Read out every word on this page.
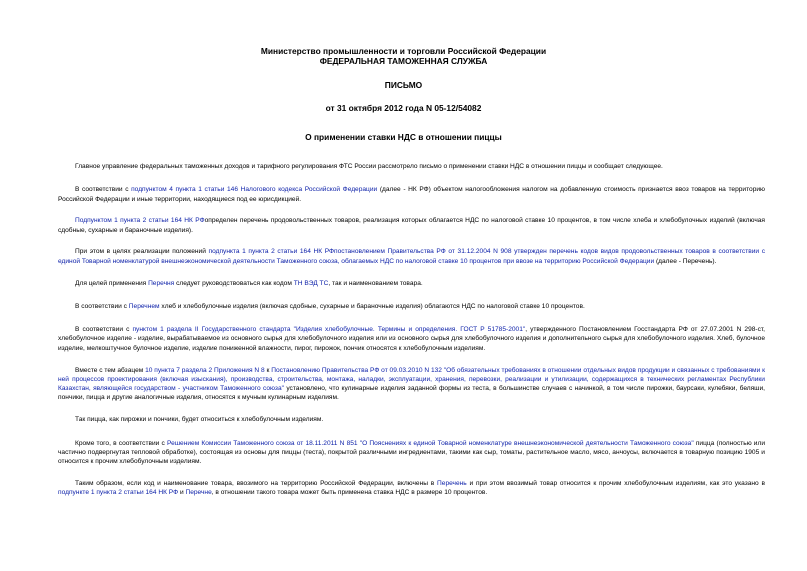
Министерство промышленности и торговли Российской Федерации
ФЕДЕРАЛЬНАЯ ТАМОЖЕННАЯ СЛУЖБА
ПИСЬМО
от 31 октября 2012 года N 05-12/54082
О применении ставки НДС в отношении пиццы

Главное управление федеральных таможенных доходов и тарифного регулирования ФТС России рассмотрело письмо о применении ставки НДС в отношении пиццы и сообщает следующее.

В соответствии с подпунктом 4 пункта 1 статьи 146 Налогового кодекса Российской Федерации (далее - НК РФ) объектом налогообложения налогом на добавленную стоимость признается ввоз товаров на территорию Российской Федерации и иные территории, находящиеся под ее юрисдикцией.

Подпунктом 1 пункта 2 статьи 164 НК РФопределен перечень продовольственных товаров, реализация которых облагается НДС по налоговой ставке 10 процентов, в том числе хлеба и хлебобулочных изделий (включая сдобные, сухарные и бараночные изделия).

При этом в целях реализации положений подпункта 1 пункта 2 статьи 164 НК РФпостановлением Правительства РФ от 31.12.2004 N 908 утвержден перечень кодов видов продовольственных товаров в соответствии с единой Товарной номенклатурой внешнеэкономической деятельности Таможенного союза, облагаемых НДС по налоговой ставке 10 процентов при ввозе на территорию Российской Федерации (далее - Перечень).

Для целей применения Перечня следует руководствоваться как кодом ТН ВЭД ТС, так и наименованием товара.

В соответствии с Перечнем хлеб и хлебобулочные изделия (включая сдобные, сухарные и бараночные изделия) облагаются НДС по налоговой ставке 10 процентов.

В соответствии с пунктом 1 раздела II Государственного стандарта "Изделия хлебобулочные. Термины и определения. ГОСТ Р 51785-2001", утвержденного Постановлением Госстандарта РФ от 27.07.2001 N 298-ст, хлебобулочное изделие - изделие, вырабатываемое из основного сырья для хлебобулочного изделия или из основного сырья для хлебобулочного изделия и дополнительного сырья для хлебобулочного изделия. Хлеб, булочное изделие, мелкоштучное булочное изделие, изделие пониженной влажности, пирог, пирожок, пончик относятся к хлебобулочным изделиям.

Вместе с тем абзацем 10 пункта 7 раздела 2 Приложения N 8 к Постановлению Правительства РФ от 09.03.2010 N 132 "Об обязательных требованиях в отношении отдельных видов продукции и связанных с требованиями к ней процессов проектирования (включая изыскания), производства, строительства, монтажа, наладки, эксплуатации, хранения, перевозки, реализации и утилизации, содержащихся в технических регламентах Республики Казахстан, являющейся государством - участником Таможенного союза" установлено, что кулинарные изделия заданной формы из теста, в большинстве случаев с начинкой, в том числе пирожки, баурсаки, кулебяки, беляши, пончики, пицца и другие аналогичные изделия, относятся к мучным кулинарным изделиям.

Так пицца, как пирожки и пончики, будет относиться к хлебобулочным изделиям.

Кроме того, в соответствии с Решением Комиссии Таможенного союза от 18.11.2011 N 851 "О Пояснениях к единой Товарной номенклатуре внешнеэкономической деятельности Таможенного союза" пицца (полностью или частично подвергнутая тепловой обработке), состоящая из основы для пиццы (теста), покрытой различными ингредиентами, такими как сыр, томаты, растительное масло, мясо, анчоусы, включается в товарную позицию 1905 и относится к прочим хлебобулочным изделиям.

Таким образом, если код и наименование товара, ввозимого на территорию Российской Федерации, включены в Перечень и при этом ввозимый товар относится к прочим хлебобулочным изделиям, как это указано в подпункте 1 пункта 2 статьи 164 НК РФ и Перечне, в отношении такого товара может быть применена ставка НДС в размере 10 процентов.
